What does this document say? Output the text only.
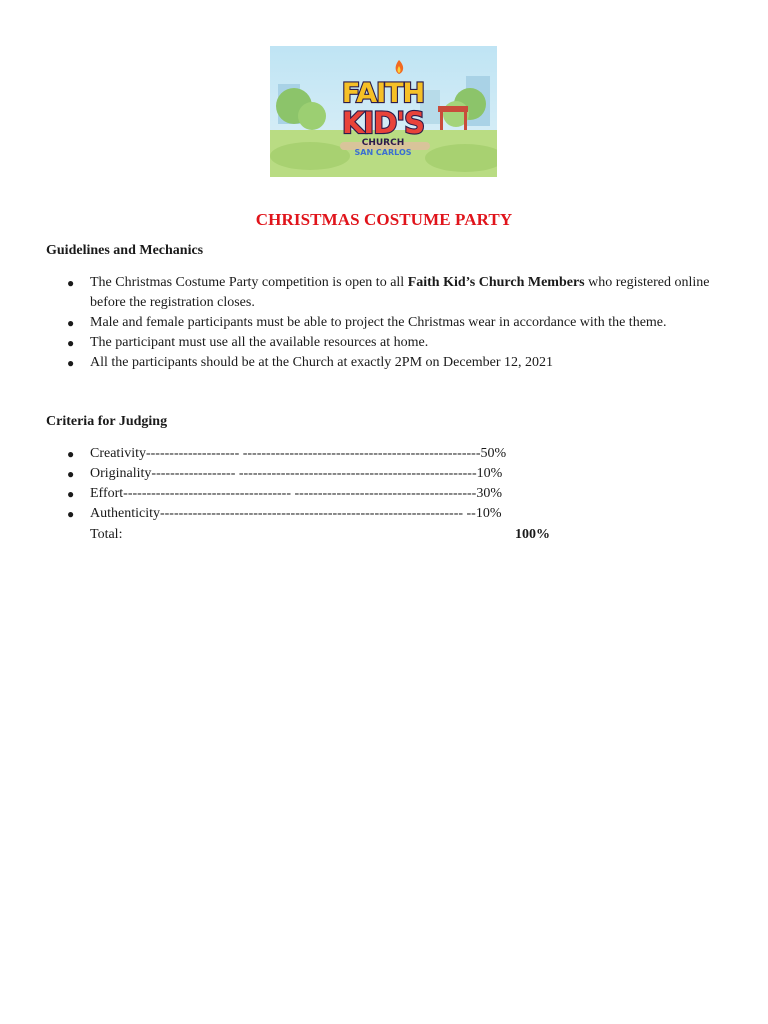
FAITH
KID'S
CHURCH
SAN CARLOS
CHRISTMAS COSTUME PARTY
Guidelines and Mechanics
● The Christmas Costume Party competition is open to all Faith Kid’s Church Members who registered online before the registration closes.
● Male and female participants must be able to project the Christmas wear in accordance with the theme.
● The participant must use all the available resources at home.
● All the participants should be at the Church at exactly 2PM on December 12, 2021
Criteria for Judging
● Creativity-------------------- ---------------------------------------------------50%
● Originality------------------ ---------------------------------------------------10%
● Effort------------------------------------ ---------------------------------------30%
● Authenticity----------------------------------------------------------------- --10%
Total:	100%
